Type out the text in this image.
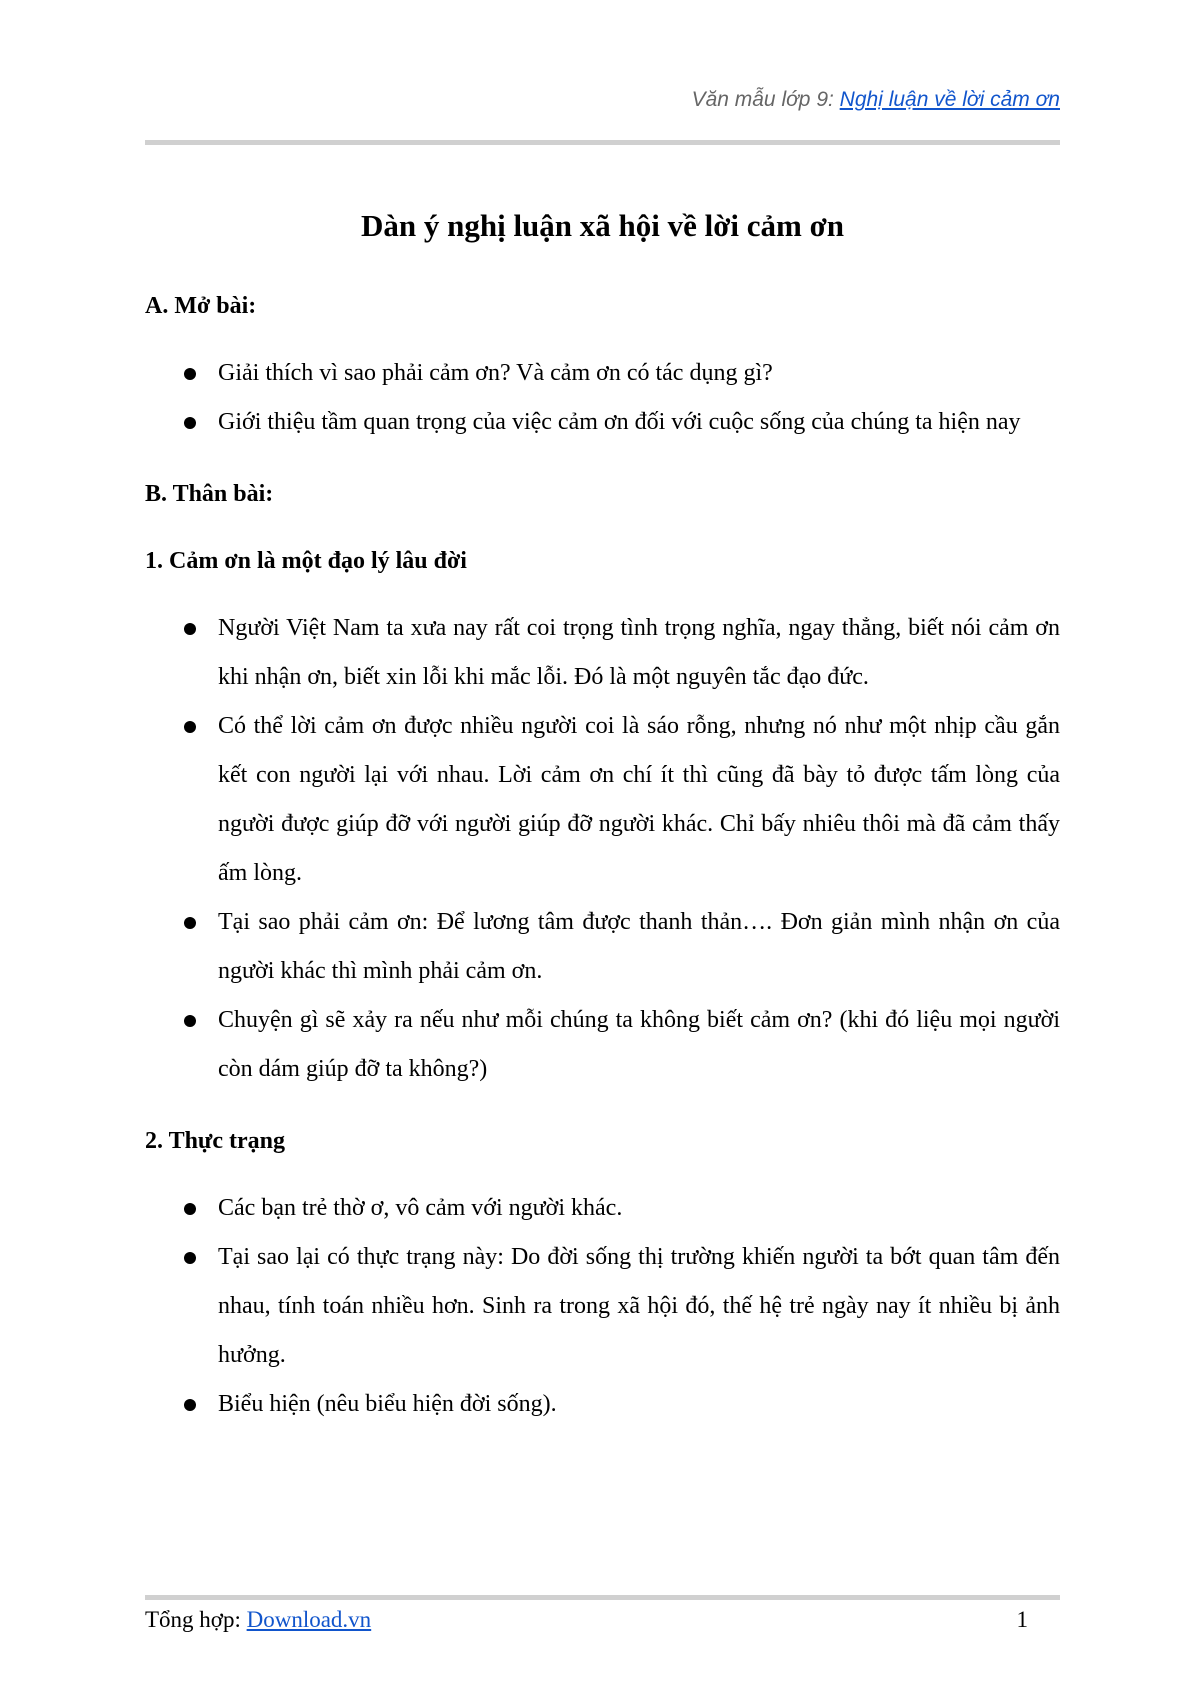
Văn mẫu lớp 9: Nghị luận về lời cảm ơn
Dàn ý nghị luận xã hội về lời cảm ơn
A. Mở bài:
Giải thích vì sao phải cảm ơn? Và cảm ơn có tác dụng gì?
Giới thiệu tầm quan trọng của việc cảm ơn đối với cuộc sống của chúng ta hiện nay
B. Thân bài:
1. Cảm ơn là một đạo lý lâu đời
Người Việt Nam ta xưa nay rất coi trọng tình trọng nghĩa, ngay thẳng, biết nói cảm ơn khi nhận ơn, biết xin lỗi khi mắc lỗi. Đó là một nguyên tắc đạo đức.
Có thể lời cảm ơn được nhiều người coi là sáo rỗng, nhưng nó như một nhịp cầu gắn kết con người lại với nhau. Lời cảm ơn chí ít thì cũng đã bày tỏ được tấm lòng của người được giúp đỡ với người giúp đỡ người khác. Chỉ bấy nhiêu thôi mà đã cảm thấy ấm lòng.
Tại sao phải cảm ơn: Để lương tâm được thanh thản…. Đơn giản mình nhận ơn của người khác thì mình phải cảm ơn.
Chuyện gì sẽ xảy ra nếu như mỗi chúng ta không biết cảm ơn? (khi đó liệu mọi người còn dám giúp đỡ ta không?)
2. Thực trạng
Các bạn trẻ thờ ơ, vô cảm với người khác.
Tại sao lại có thực trạng này: Do đời sống thị trường khiến người ta bớt quan tâm đến nhau, tính toán nhiều hơn. Sinh ra trong xã hội đó, thế hệ trẻ ngày nay ít nhiều bị ảnh hưởng.
Biểu hiện (nêu biểu hiện đời sống).
Tổng hợp: Download.vn	1
